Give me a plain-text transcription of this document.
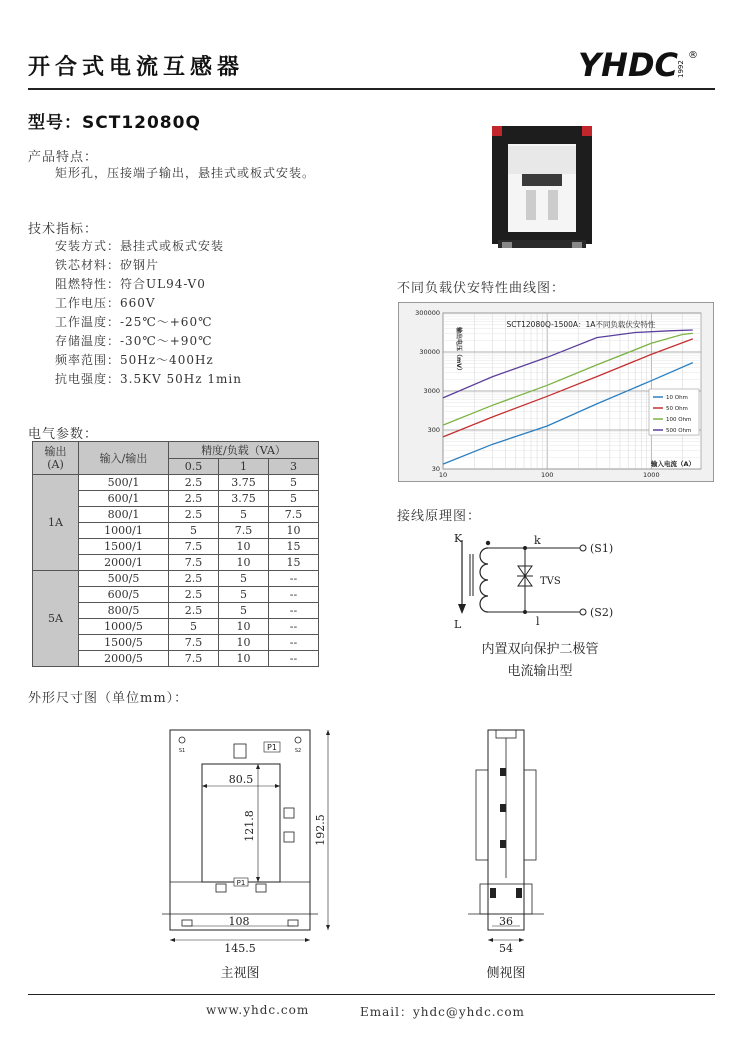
开合式电流互感器	YHDC 1992
®
型号：SCT12080Q
产品特点：
矩形孔，压接端子输出，悬挂式或板式安装。
技术指标：
安装方式：悬挂式或板式安装
铁芯材料：矽钢片
阻燃特性：符合UL94-V0
工作电压：660V
工作温度：-25℃～+60℃
存储温度：-30℃～+90℃
频率范围：50Hz～400Hz
抗电强度：3.5KV 50Hz 1min
不同负载伏安特性曲线图：
10	100	1000
30
300
3000
30000
300000
SCT12080Q-1500A：1A不同负载伏安特性
输入电流（A）
输出电压（mV）
10 Ohm
50 Ohm
100 Ohm
500 Ohm
接线原理图：
K	k
L	l
(S1)
(S2)
TVS
内置双向保护二极管
电流输出型
电气参数：
输出
(A)	输入/输出	精度/负载（VA）		
		0.5	1	3
1A	500/1	2.5	3.75	5
	600/1	2.5	3.75	5
	800/1	2.5	5	7.5
	1000/1	5	7.5	10
	1500/1	7.5	10	15
	2000/1	7.5	10	15
5A	500/5	2.5	5	--
	600/5	2.5	5	--
	800/5	2.5	5	--
	1000/5	5	10	--
	1500/5	7.5	10	--
	2000/5	7.5	10	--
外形尺寸图（单位mm）：
P1
S1	S2
P1
80.5
121.8	192.5
108
145.5
主视图
36
54
侧视图
www.yhdc.com	Email：yhdc@yhdc.com
